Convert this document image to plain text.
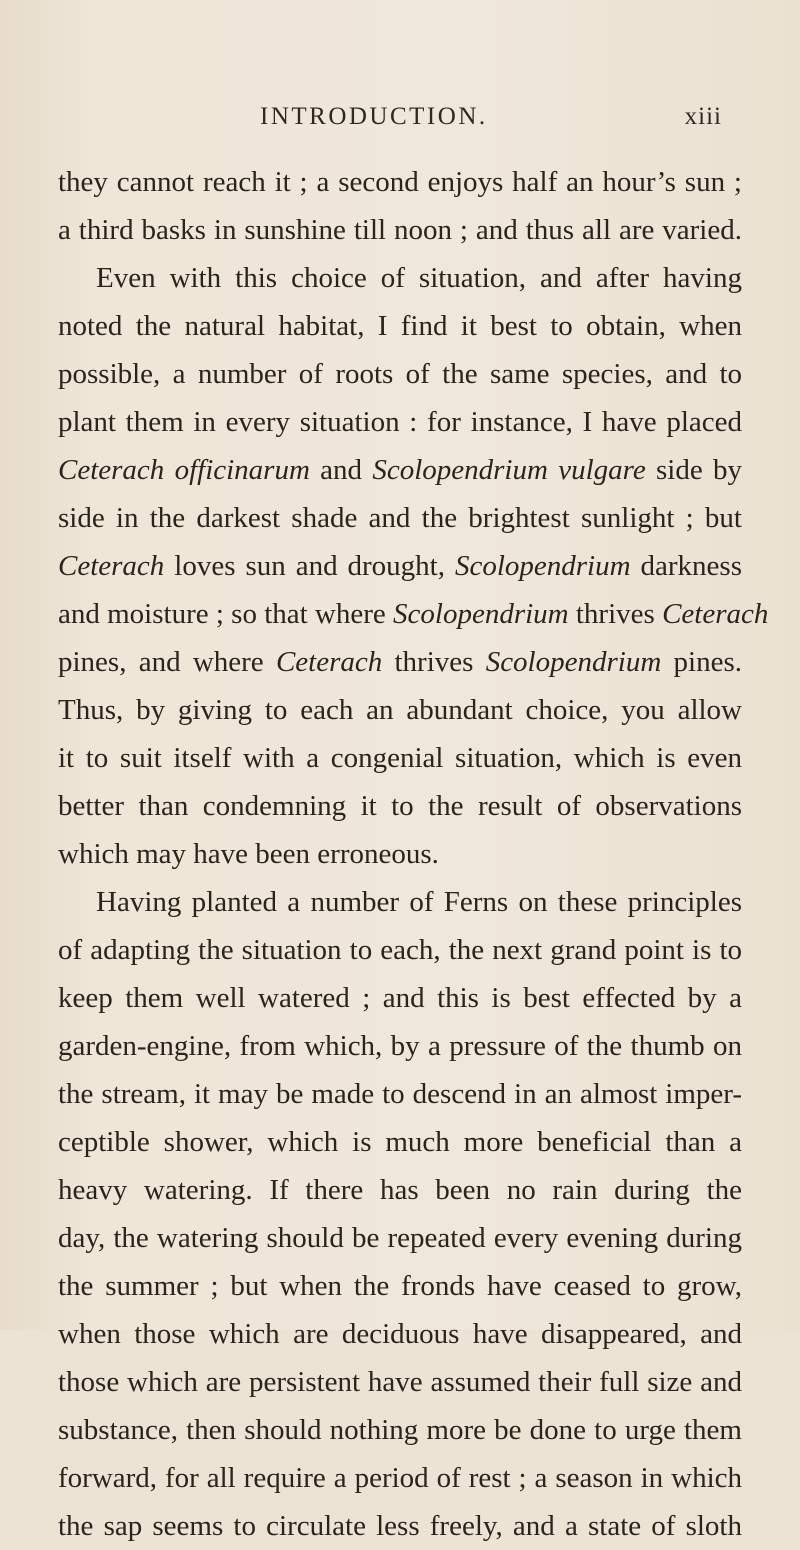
INTRODUCTION.	xiii
they cannot reach it ; a second enjoys half an hour’s sun ;
a third basks in sunshine till noon ; and thus all are varied.
Even with this choice of situation, and after having
noted the natural habitat, I find it best to obtain, when
possible, a number of roots of the same species, and to
plant them in every situation : for instance, I have placed
Ceterach officinarum and Scolopendrium vulgare side by
side in the darkest shade and the brightest sunlight ; but
Ceterach loves sun and drought, Scolopendrium darkness
and moisture ; so that where Scolopendrium thrives Ceterach
pines, and where Ceterach thrives Scolopendrium pines.
Thus, by giving to each an abundant choice, you allow
it to suit itself with a congenial situation, which is even
better than condemning it to the result of observations
which may have been erroneous.
Having planted a number of Ferns on these principles
of adapting the situation to each, the next grand point is to
keep them well watered ; and this is best effected by a
garden-engine, from which, by a pressure of the thumb on
the stream, it may be made to descend in an almost imper-
ceptible shower, which is much more beneficial than a
heavy watering. If there has been no rain during the
day, the watering should be repeated every evening during
the summer ; but when the fronds have ceased to grow,
when those which are deciduous have disappeared, and
those which are persistent have assumed their full size and
substance, then should nothing more be done to urge them
forward, for all require a period of rest ; a season in which
the sap seems to circulate less freely, and a state of sloth
